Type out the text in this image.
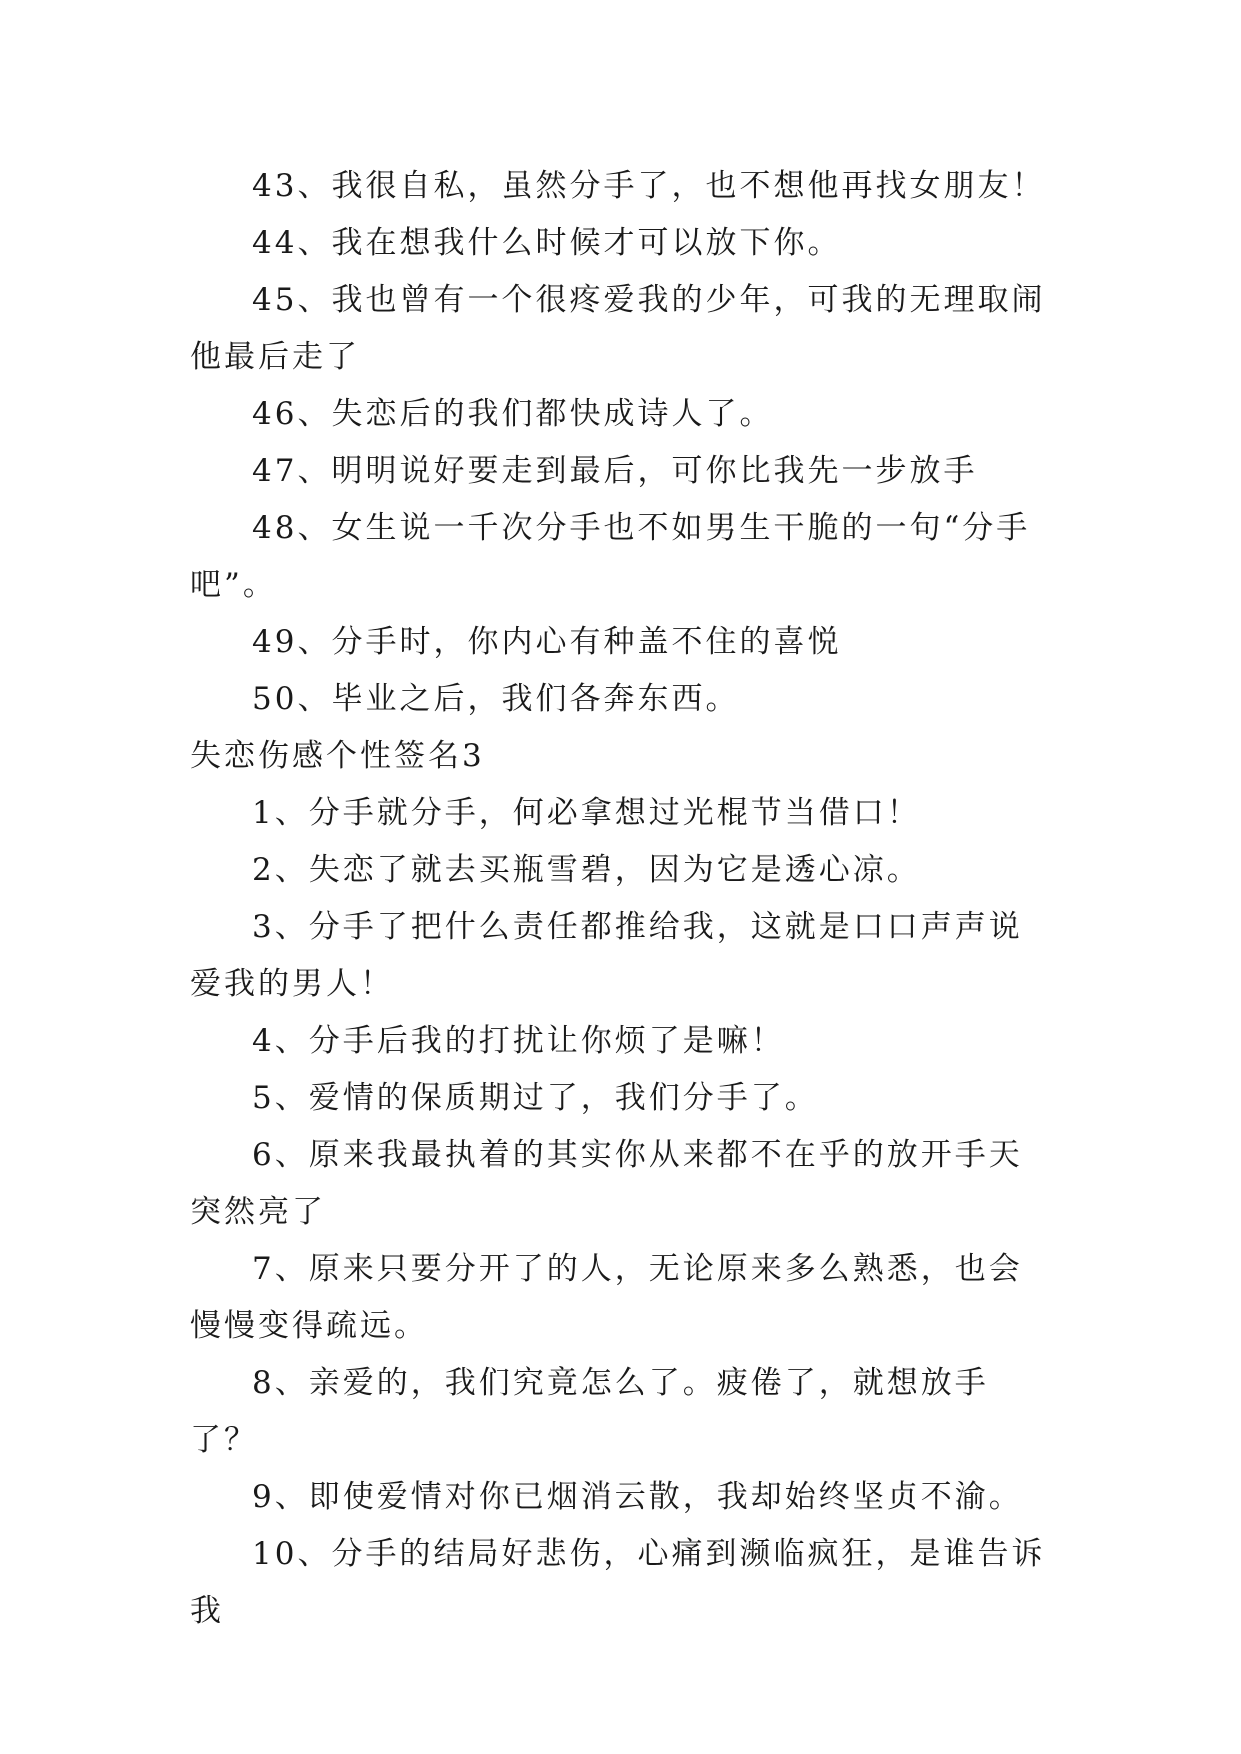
43、我很自私，虽然分手了，也不想他再找女朋友！

44、我在想我什么时候才可以放下你。

45、我也曾有一个很疼爱我的少年，可我的无理取闹他最后走了

46、失恋后的我们都快成诗人了。

47、明明说好要走到最后，可你比我先一步放手

48、女生说一千次分手也不如男生干脆的一句“分手吧”。

49、分手时，你内心有种盖不住的喜悦

50、毕业之后，我们各奔东西。

失恋伤感个性签名3

1、分手就分手，何必拿想过光棍节当借口！

2、失恋了就去买瓶雪碧，因为它是透心凉。

3、分手了把什么责任都推给我，这就是口口声声说爱我的男人！

4、分手后我的打扰让你烦了是嘛！

5、爱情的保质期过了，我们分手了。

6、原来我最执着的其实你从来都不在乎的放开手天突然亮了

7、原来只要分开了的人，无论原来多么熟悉，也会慢慢变得疏远。

8、亲爱的，我们究竟怎么了。疲倦了，就想放手了？

9、即使爱情对你已烟消云散，我却始终坚贞不渝。

10、分手的结局好悲伤，心痛到濒临疯狂，是谁告诉我
